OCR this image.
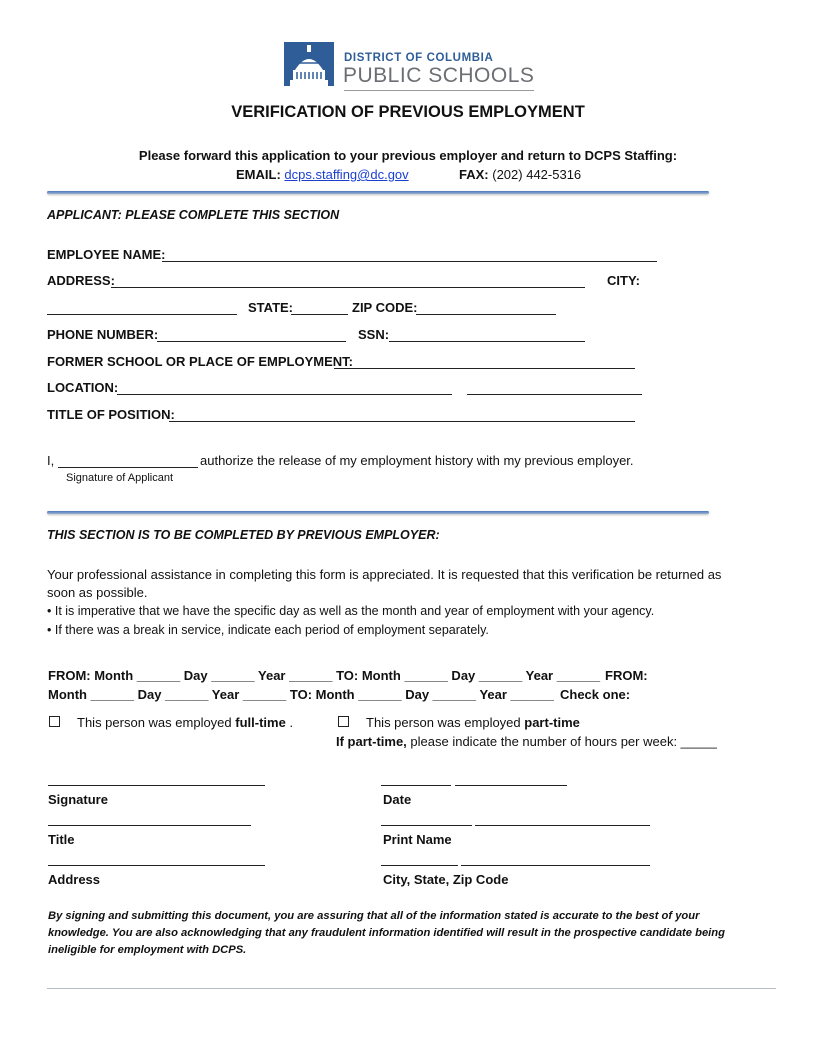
DISTRICT OF COLUMBIA
PUBLIC SCHOOLS
VERIFICATION OF PREVIOUS EMPLOYMENT
Please forward this application to your previous employer and return to DCPS Staffing:
EMAIL: dcps.staffing@dc.gov	FAX: (202) 442-5316
APPLICANT: PLEASE COMPLETE THIS SECTION
EMPLOYEE NAME:
ADDRESS:	CITY:
STATE:	ZIP CODE:
PHONE NUMBER:	SSN:
FORMER SCHOOL OR PLACE OF EMPLOYMENT:
LOCATION:
TITLE OF POSITION:
I,	authorize the release of my employment history with my previous employer.
Signature of Applicant
THIS SECTION IS TO BE COMPLETED BY PREVIOUS EMPLOYER:
Your professional assistance in completing this form is appreciated. It is requested that this verification be returned as
soon as possible.
• It is imperative that we have the specific day as well as the month and year of employment with your agency.
• If there was a break in service, indicate each period of employment separately.
FROM: Month ______ Day ______ Year ______ TO: Month ______ Day ______ Year ______ FROM:
Month ______ Day ______ Year ______ TO: Month ______ Day ______ Year ______ Check one:
This person was employed full-time .	This person was employed part-time
If part-time, please indicate the number of hours per week: _____
Signature	Date
Title	Print Name
Address	City, State, Zip Code
By signing and submitting this document, you are assuring that all of the information stated is accurate to the best of your
knowledge. You are also acknowledging that any fraudulent information identified will result in the prospective candidate being
ineligible for employment with DCPS.
